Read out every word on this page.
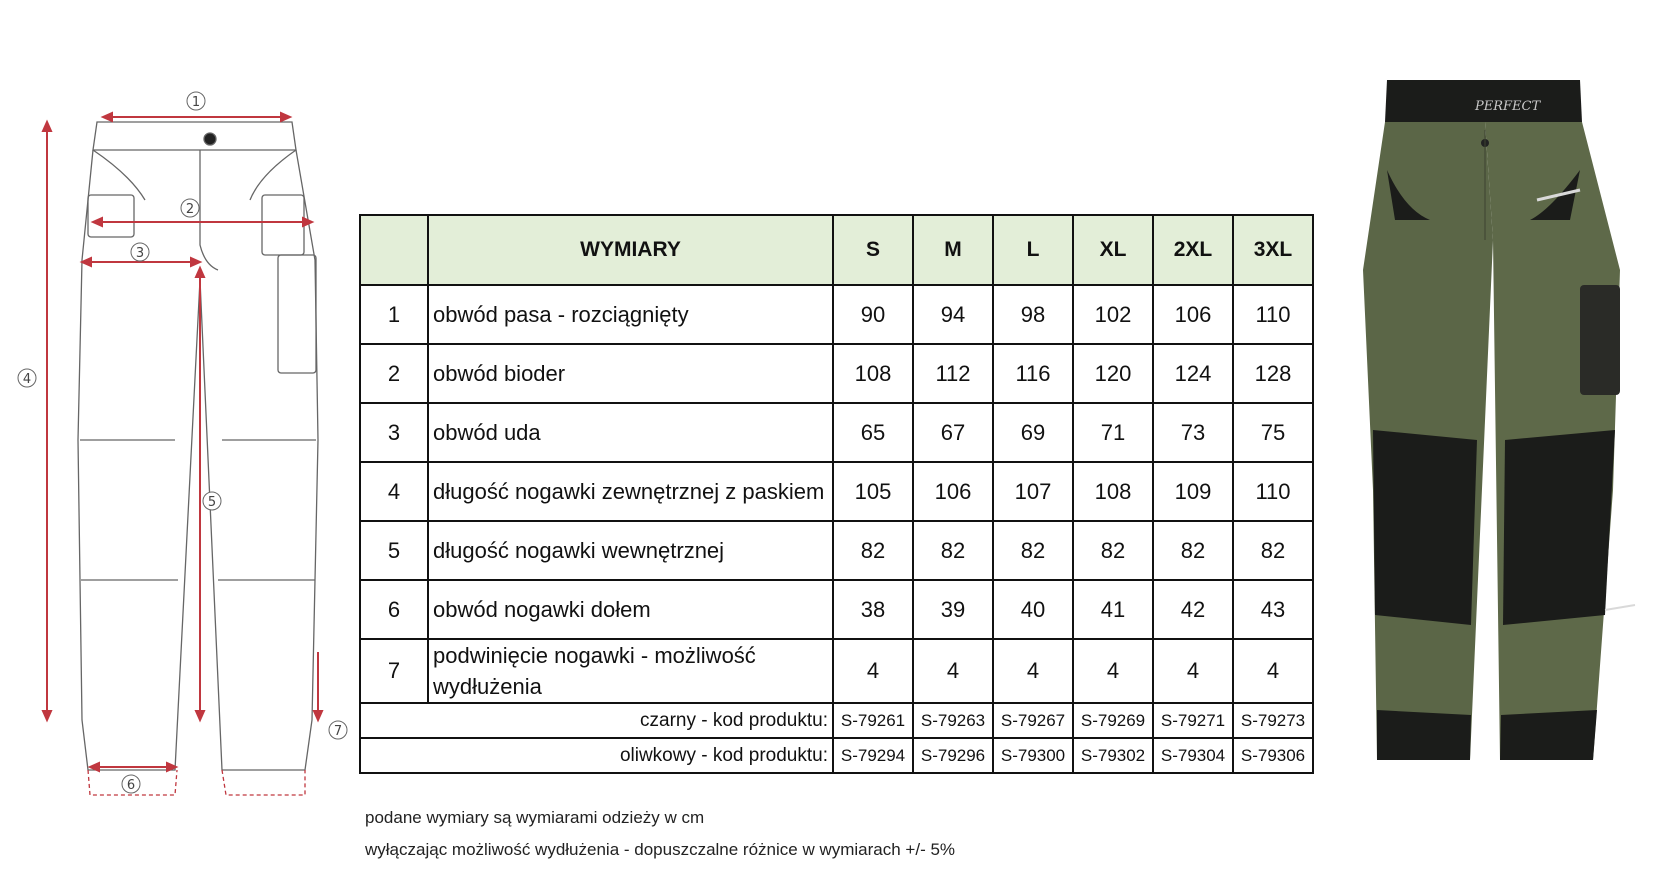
1
2
3
4
5
6
7
	WYMIARY	S	M	L	XL	2XL	3XL
1	obwód pasa - rozciągnięty	90	94	98	102	106	110
2	obwód bioder	108	112	116	120	124	128
3	obwód uda	65	67	69	71	73	75
4	długość nogawki zewnętrznej z paskiem	105	106	107	108	109	110
5	długość nogawki wewnętrznej	82	82	82	82	82	82
6	obwód nogawki dołem	38	39	40	41	42	43
7	podwinięcie nogawki - możliwość wydłużenia	4	4	4	4	4	4
czarny - kod produktu:		S-79261	S-79263	S-79267	S-79269	S-79271	S-79273
oliwkowy - kod produktu:		S-79294	S-79296	S-79300	S-79302	S-79304	S-79306
podane wymiary są wymiarami odzieży w cm
wyłączając możliwość wydłużenia - dopuszczalne różnice w wymiarach +/- 5%
PERFECT
